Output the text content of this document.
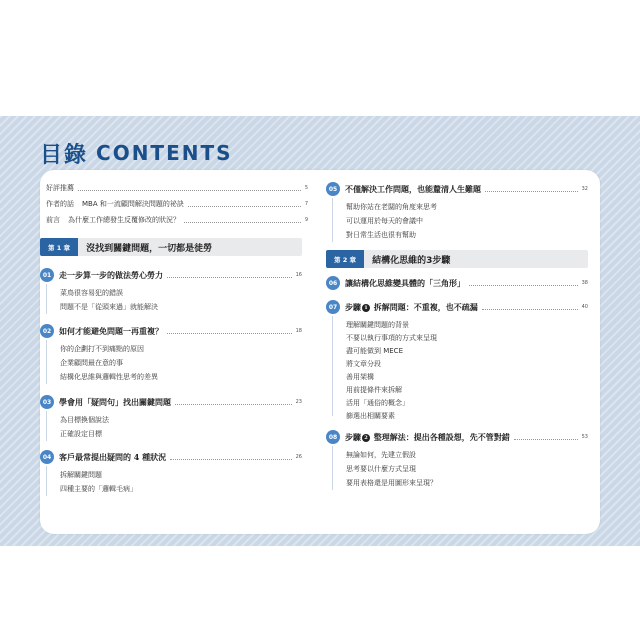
目錄 CONTENTS
好評推薦	5
作者的話 MBA 和一流顧問解決問題的祕訣	7
前言 為什麼工作總發生反覆修改的狀況？	9
第 1 章	沒找到關鍵問題，一切都是徒勞
01 走一步算一步的做法勞心勞力	16
菜鳥很容易犯的錯誤
問題不是「從頭來過」就能解決
02 如何才能避免問題一再重複？	18
你的企劃打不到痛點的原因
企業顧問最在意的事
結構化思維與邏輯性思考的差異
03 學會用「疑問句」找出關鍵問題	23
為目標換個說法
正確設定目標
04 客戶最常提出疑問的 4 種狀況	26
拆解關鍵問題
四種主要的「邏輯毛病」
05 不僅解決工作問題，也能釐清人生難題	32
幫助你站在老闆的角度來思考
可以運用於每天的會議中
對日常生活也很有幫助
第 2 章	結構化思維的3步驟
06 讓結構化思維變具體的「三角形」	38
07 步驟 1 拆解問題：不重複，也不疏漏	40
理解關鍵問題的背景
不要以執行事項的方式來呈現
盡可能做到 MECE
將文章分段
善用架構
用前提條件來拆解
活用「通俗的概念」
篩選出相關要素
08 步驟 2 整理解法：提出各種設想，先不管對錯	53
無論如何，先建立假設
思考要以什麼方式呈現
要用表格還是用圖形來呈現？
